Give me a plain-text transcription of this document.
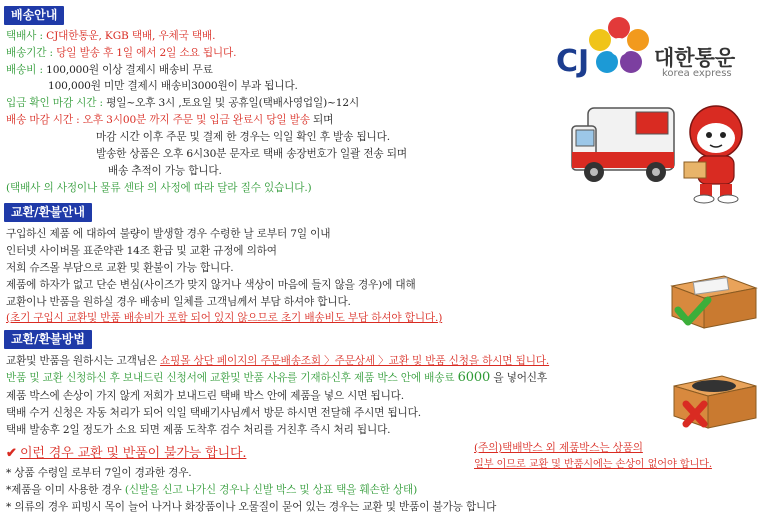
배송안내
택배사 : CJ대한통운, KGB 택배, 우체국 택배.
배송기간 : 당일 발송 후 1일 에서 2일 소요 됩니다.
배송비 : 100,000원 이상 결제시 배송비 무료
100,000원 미만 결제시 배송비3000원이 부과 됩니다.
입금 확인 마감 시간 : 평일~오후 3시 ,토요일 및 공휴일(택배사영업일)~12시
배송 마감 시간 : 오후 3시00분 까지 주문 및 입금 완료시 당일 발송 되며
마감 시간 이후 주문 및 결제 한 경우는 익일 확인 후 발송 됩니다.
발송한 상품은 오후 6시30분 문자로 택배 송장번호가 일괄 전송 되며
배송 추적이 가능 합니다.
(택배사 의 사정이나 물류 센타 의 사정에 따라 달라 질수 있습니다.)
CJ	대한통운
korea express
교환/환불안내
구입하신 제품 에 대하여 불량이 발생할 경우 수령한 날 로부터 7일 이내
인터넷 사이버몰 표준약관 14조 환급 및 교환 규정에 의하여
저희 슈즈몰 부담으로 교환 및 환불이 가능 합니다.
제품에 하자가 없고 단순 변심(사이즈가 맞지 않거나 색상이 마음에 들지 않을 경우)에 대해
교환이나 반품을 원하실 경우 배송비 일체를 고객님께서 부담 하셔야 합니다.
(초기 구입시 교환및 반품 배송비가 포함 되어 있지 않으므로 초기 배송비도 부담 하셔야 합니다.)
교환/환불방법
교환및 반품을 원하시는 고객님은 쇼핑몰 상단 페이지의 주문배송조회 〉주문상세 〉교환 및 반품 신청을 하시면 됩니다.
반품 및 교환 신청하신 후 보내드린 신청서에 교환및 반품 사유를 기재하신후 제품 박스 안에 배송료 6000 을 넣어신후
제품 박스에 손상이 가지 않게 저희가 보내드린 택배 박스 안에 제품을 넣으 시면 됩니다.
택배 수거 신청은 자동 처리가 되어 익일 택배기사님께서 방문 하시면 전달해 주시면 됩니다.
택배 발송후 2일 정도가 소요 되면 제품 도착후 검수 처리를 거친후 즉시 처리 됩니다.
✔ 이런 경우 교환 및 반품이 불가능 합니다.
* 상품 수령일 로부터 7일이 경과한 경우.
*제품을 이미 사용한 경우 (신발을 신고 나가신 경우나 신발 박스 및 상표 택을 훼손한 상태)
* 의류의 경우 피빙시 목이 늘어 나거나 화장품이나 오물질이 묻어 있는 경우는 교환 및 반품이 불가능 합니다
(주의)택배박스 외 제품박스는 상품의
일부 이므로 교환 및 반품시에는 손상이 없어야 합니다.
